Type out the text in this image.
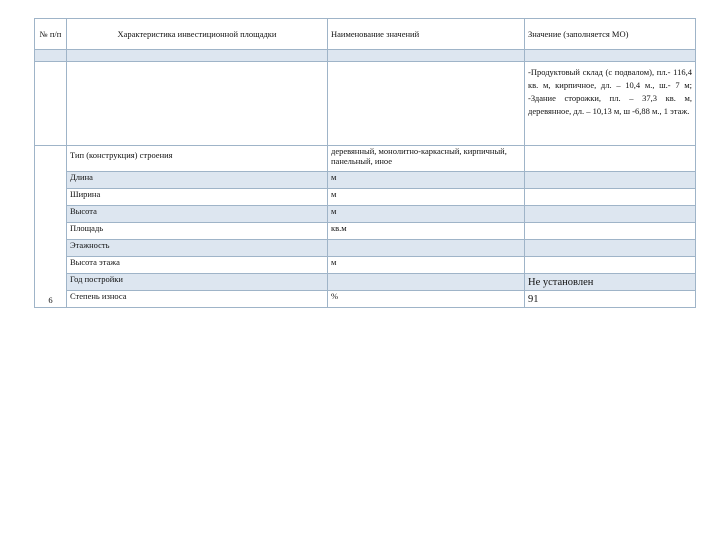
№ п/п	Характеристика инвестиционной площадки	Наименование значений	Значение (заполняется МО)

			-Продуктовый склад (с подвалом), пл.- 116,4 кв. м, кирпичное, дл. – 10,4 м., ш.- 7 м; -Здание сторожки, пл. – 37,3 кв. м, деревянное, дл. – 10,13 м, ш -6,88 м., 1 этаж.
6	Тип (конструкция) строения	деревянный, монолитно-каркасный, кирпичный, панельный, иное	
	Длина	м	
	Ширина	м	
	Высота	м	
	Площадь	кв.м	
	Этажность		
	Высота этажа	м	
	Год постройки		Не установлен
	Степень износа	%	91
